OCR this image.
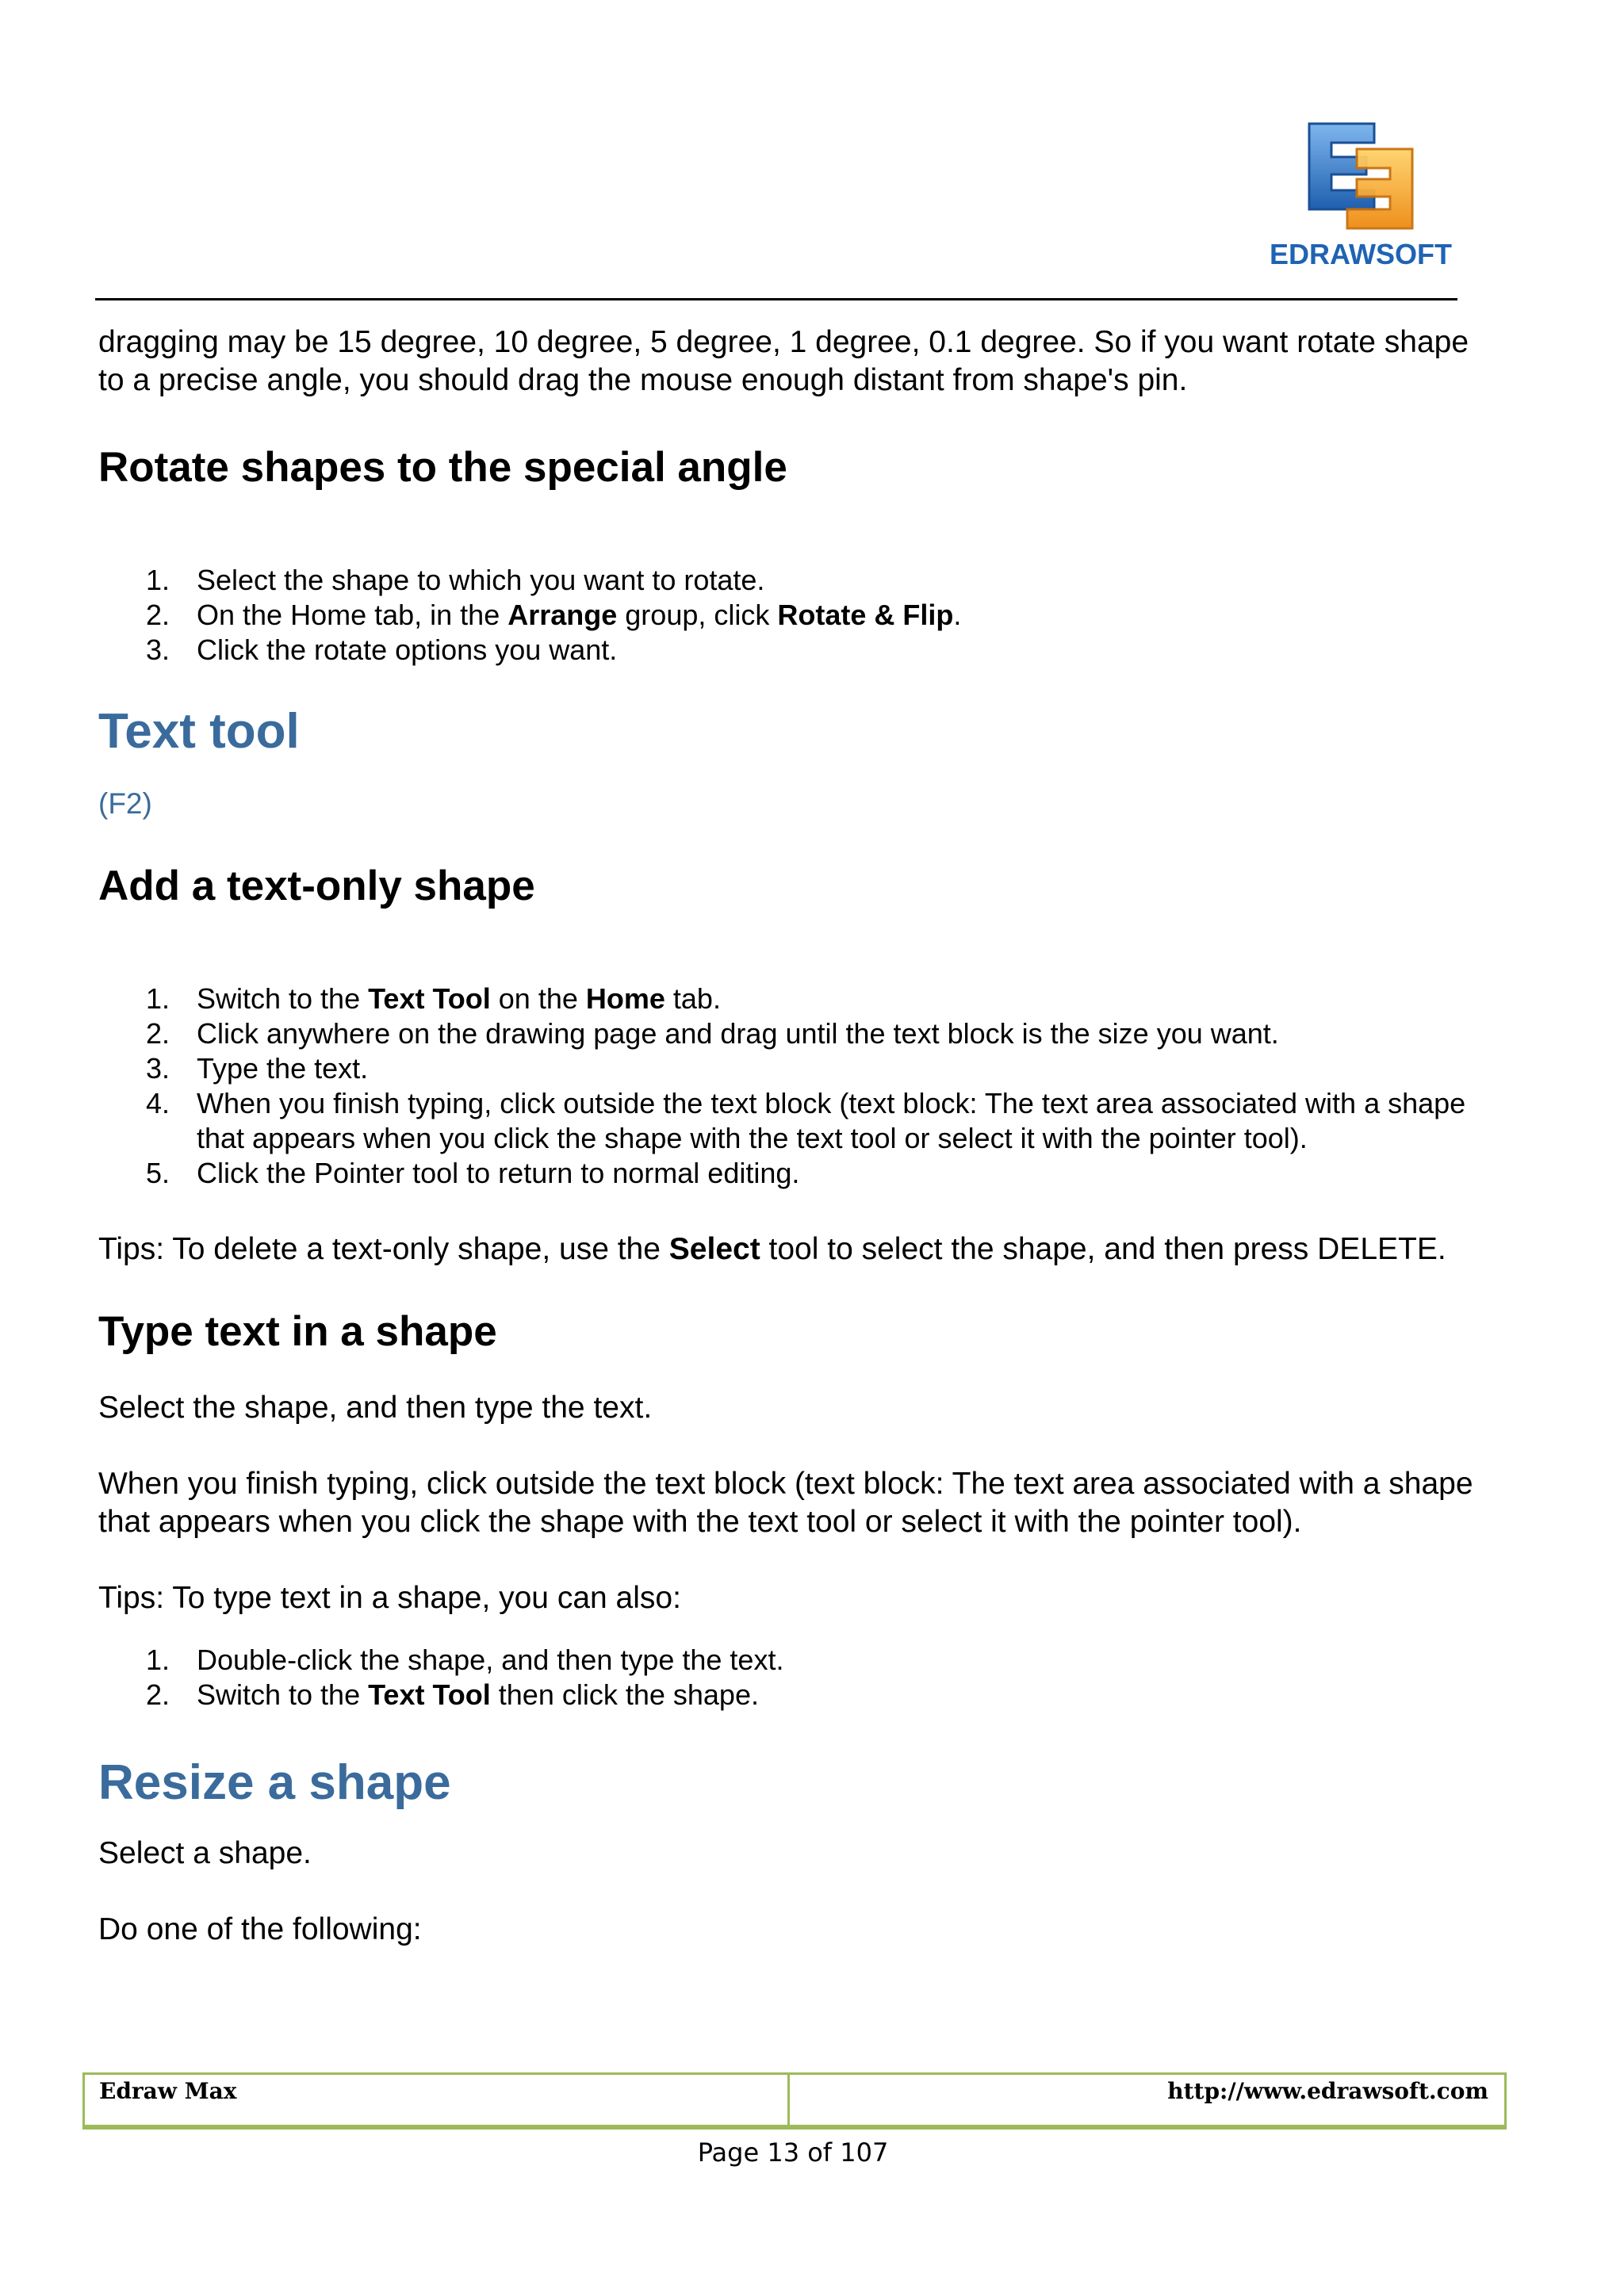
EDRAWSOFT

dragging may be 15 degree, 10 degree, 5 degree, 1 degree, 0.1 degree. So if you want rotate shape to a precise angle, you should drag the mouse enough distant from shape's pin.

Rotate shapes to the special angle
1. Select the shape to which you want to rotate.
2. On the Home tab, in the Arrange group, click Rotate & Flip.
3. Click the rotate options you want.
Text tool

(F2)

Add a text-only shape
1. Switch to the Text Tool on the Home tab.
2. Click anywhere on the drawing page and drag until the text block is the size you want.
3. Type the text.
4. When you finish typing, click outside the text block (text block: The text area associated with a shape that appears when you click the shape with the text tool or select it with the pointer tool).
5. Click the Pointer tool to return to normal editing.

Tips: To delete a text-only shape, use the Select tool to select the shape, and then press DELETE.

Type text in a shape

Select the shape, and then type the text.

When you finish typing, click outside the text block (text block: The text area associated with a shape that appears when you click the shape with the text tool or select it with the pointer tool).

Tips: To type text in a shape, you can also:

1. Double-click the shape, and then type the text.
2. Switch to the Text Tool then click the shape.
Resize a shape

Select a shape.

Do one of the following:

Edraw Max	http://www.edrawsoft.com
Page 13 of 107
